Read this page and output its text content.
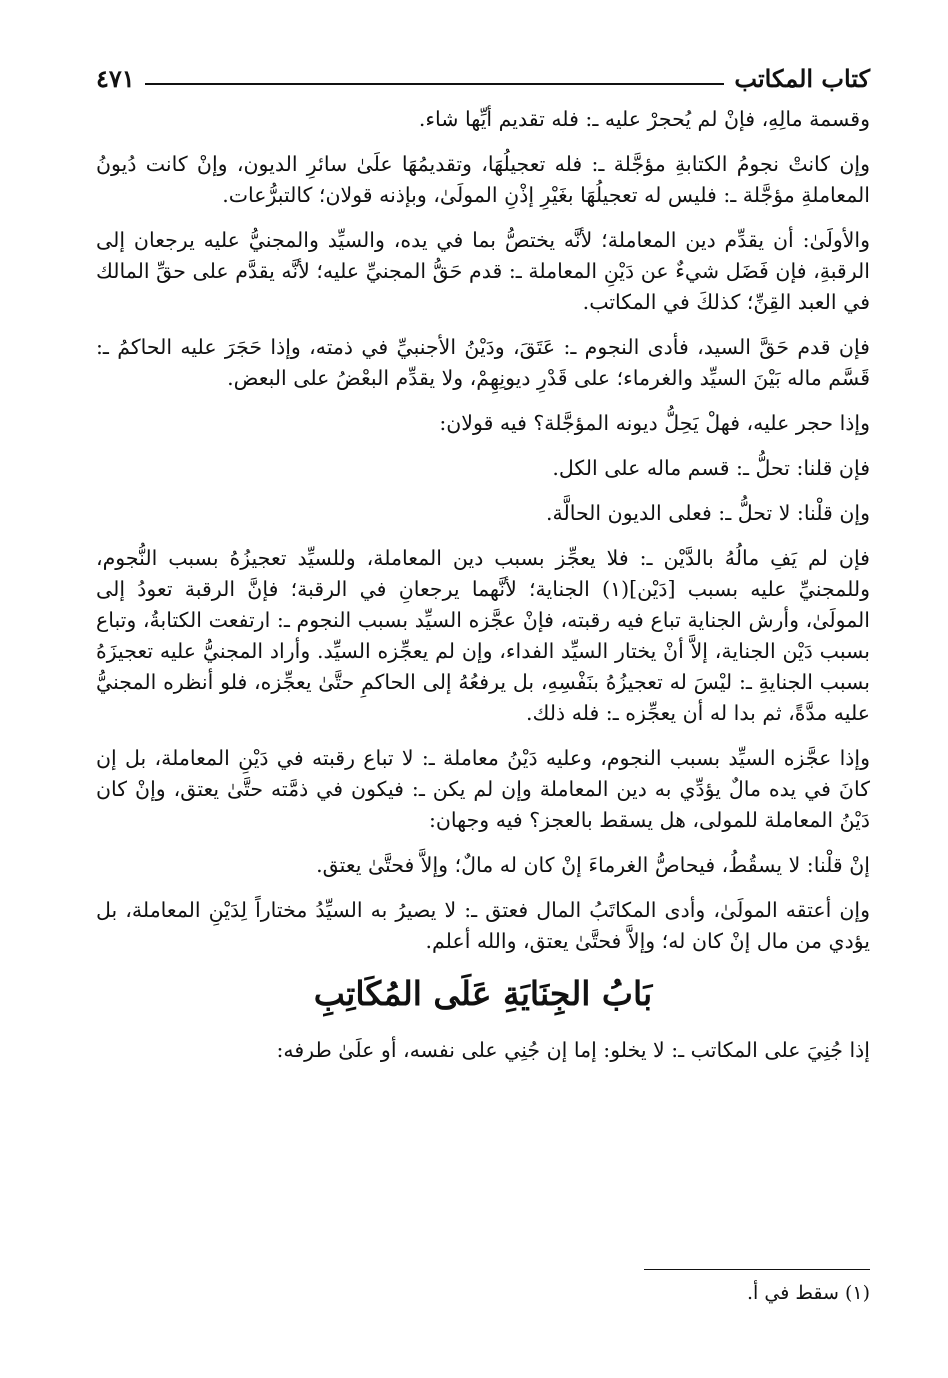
كتاب المكاتب
٤٧١

وقسمة مالِهِ، فإنْ لم يُحجرْ عليه ـ: فله تقديم أيِّها شاء.

وإن كانتْ نجومُ الكتابةِ مؤجَّلة ـ: فله تعجيلُهَا، وتقديمُهَا علَىٰ سائرِ الديون، وإنْ كانت دُيونُ المعاملةِ مؤجَّلة ـ: فليس له تعجيلُهَا بغَيْرِ إذْنِ المولَىٰ، وبإذنه قولان؛ كالتبرُّعات.

والأولَىٰ: أن يقدِّم دين المعاملة؛ لأنَّه يختصُّ بما في يده، والسيِّد والمجنيُّ عليه يرجعان إلى الرقبةِ، فإن فَضَل شيءٌ عن دَيْنِ المعاملة ـ: قدم حَقُّ المجنيِّ عليه؛ لأنَّه يقدَّم على حقِّ المالك في العبد القِنِّ؛ كذلكَ في المكاتب.

فإن قدم حَقَّ السيد، فأدى النجوم ـ: عَتَقَ، ودَيْنُ الأجنبيِّ في ذمته، وإذا حَجَرَ عليه الحاكمُ ـ: قَسَّم ماله بَيْنَ السيِّد والغرماء؛ على قَدْرِ ديونِهِمْ، ولا يقدِّم البعْضُ على البعض.

وإذا حجر عليه، فهلْ يَحِلُّ ديونه المؤجَّلة؟ فيه قولان:

فإن قلنا: تحلُّ ـ: قسم ماله على الكل.

وإن قلْنا: لا تحلُّ ـ: فعلى الديون الحالَّة.

فإن لم يَفِ مالُهُ بالدَّيْن ـ: فلا يعجِّز بسبب دين المعاملة، وللسيِّد تعجيزُهُ بسبب النُّجوم، وللمجنيِّ عليه بسبب [دَيْن](١) الجناية؛ لأنَّهما يرجعانِ في الرقبة؛ فإنَّ الرقبة تعودُ إلى المولَىٰ، وأرش الجناية تباع فيه رقبته، فإنْ عجَّزه السيِّد بسبب النجوم ـ: ارتفعت الكتابةُ، وتباع بسبب دَيْن الجناية، إلاَّ أنْ يختار السيِّد الفداء، وإن لم يعجِّزه السيِّد. وأراد المجنيُّ عليه تعجيزَهُ بسبب الجنايةِ ـ: ليْسَ له تعجيزُهُ بنَفْسِهِ، بل يرفعُهُ إلى الحاكمِ حتَّىٰ يعجِّزه، فلو أنظره المجنيُّ عليه مدَّةً، ثم بدا له أن يعجِّزه ـ: فله ذلك.

وإذا عجَّزه السيِّد بسبب النجوم، وعليه دَيْنُ معاملة ـ: لا تباع رقبته في دَيْنِ المعاملة، بل إن كانَ في يده مالٌ يؤدِّي به دين المعاملة وإن لم يكن ـ: فيكون في ذمَّته حتَّىٰ يعتق، وإنْ كان دَيْنُ المعاملة للمولى، هل يسقط بالعجز؟ فيه وجهان:

إنْ قلْنا: لا يسقُطُ، فيحاصُّ الغرماءَ إنْ كان له مالٌ؛ وإلاَّ فحتَّىٰ يعتق.

وإن أعتقه المولَىٰ، وأدى المكاتَبُ المال فعتق ـ: لا يصيرُ به السيِّدُ مختاراً لِدَيْنِ المعاملة، بل يؤدي من مال إنْ كان له؛ وإلاَّ فحتَّىٰ يعتق، والله أعلم.

بَابُ الجِنَايَةِ عَلَى المُكَاتِبِ

إذا جُنِيَ على المكاتب ـ: لا يخلو: إما إن جُنِي على نفسه، أو علَىٰ طرفه:

(١) سقط في أ.
